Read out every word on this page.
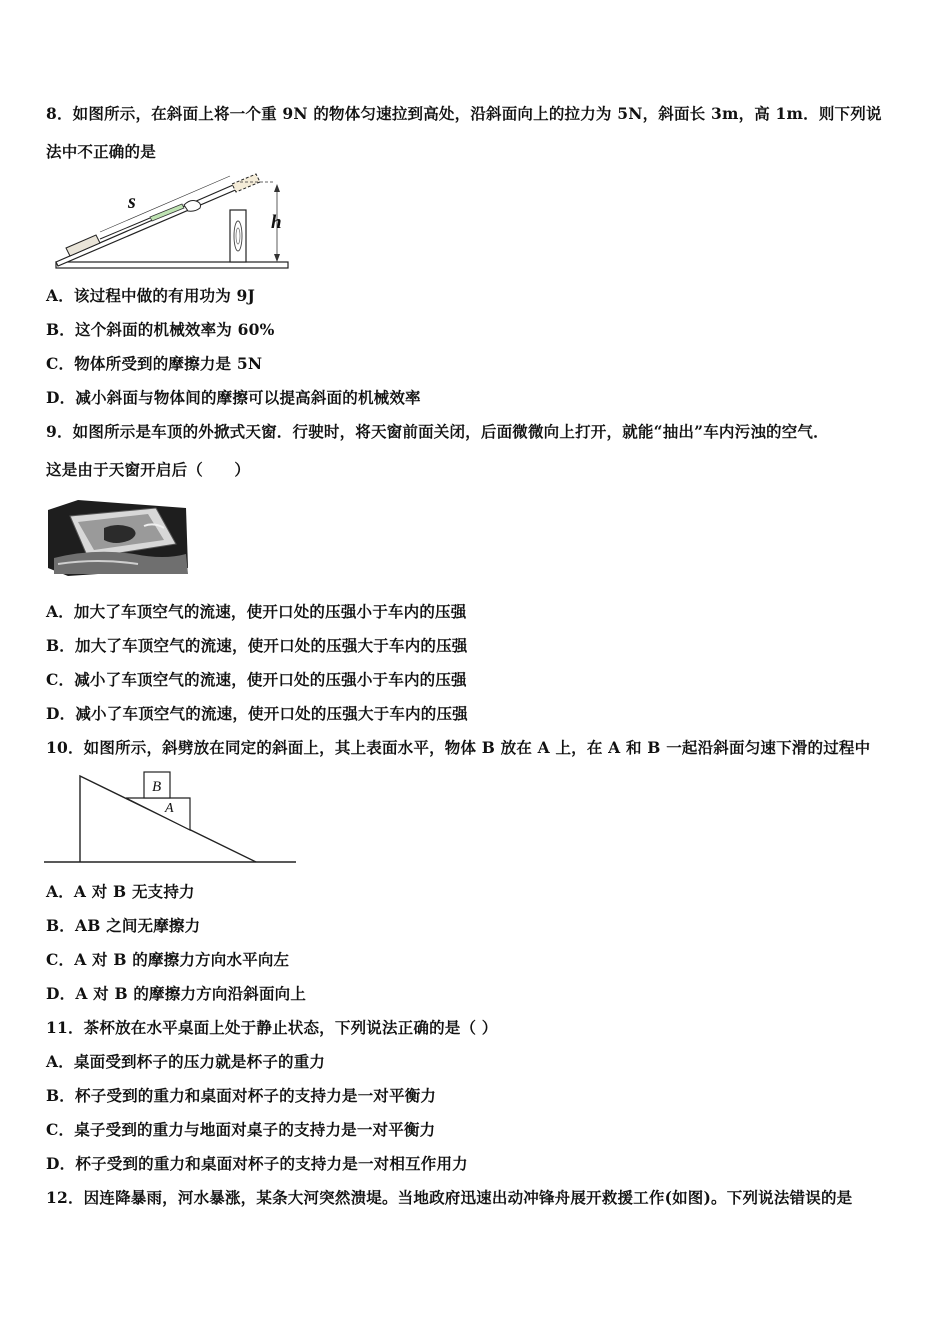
8．如图所示，在斜面上将一个重 9N 的物体匀速拉到高处，沿斜面向上的拉力为 5N，斜面长 3m，高 1m．则下列说
法中不正确的是
s
h
A．该过程中做的有用功为 9J
B．这个斜面的机械效率为 60%
C．物体所受到的摩擦力是 5N
D．减小斜面与物体间的摩擦可以提高斜面的机械效率
9．如图所示是车顶的外掀式天窗．行驶时，将天窗前面关闭，后面微微向上打开，就能“抽出”车内污浊的空气．
这是由于天窗开启后（　　）
A．加大了车顶空气的流速，使开口处的压强小于车内的压强
B．加大了车顶空气的流速，使开口处的压强大于车内的压强
C．减小了车顶空气的流速，使开口处的压强小于车内的压强
D．减小了车顶空气的流速，使开口处的压强大于车内的压强
10．如图所示，斜劈放在同定的斜面上，其上表面水平，物体 B 放在 A 上，在 A 和 B 一起沿斜面匀速下滑的过程中
B
A
A．A 对 B 无支持力
B．AB 之间无摩擦力
C．A 对 B 的摩擦力方向水平向左
D．A 对 B 的摩擦力方向沿斜面向上
11．茶杯放在水平桌面上处于静止状态，下列说法正确的是（ ）
A．桌面受到杯子的压力就是杯子的重力
B．杯子受到的重力和桌面对杯子的支持力是一对平衡力
C．桌子受到的重力与地面对桌子的支持力是一对平衡力
D．杯子受到的重力和桌面对杯子的支持力是一对相互作用力
12．因连降暴雨，河水暴涨，某条大河突然溃堤。当地政府迅速出动冲锋舟展开救援工作(如图)。下列说法错误的是
